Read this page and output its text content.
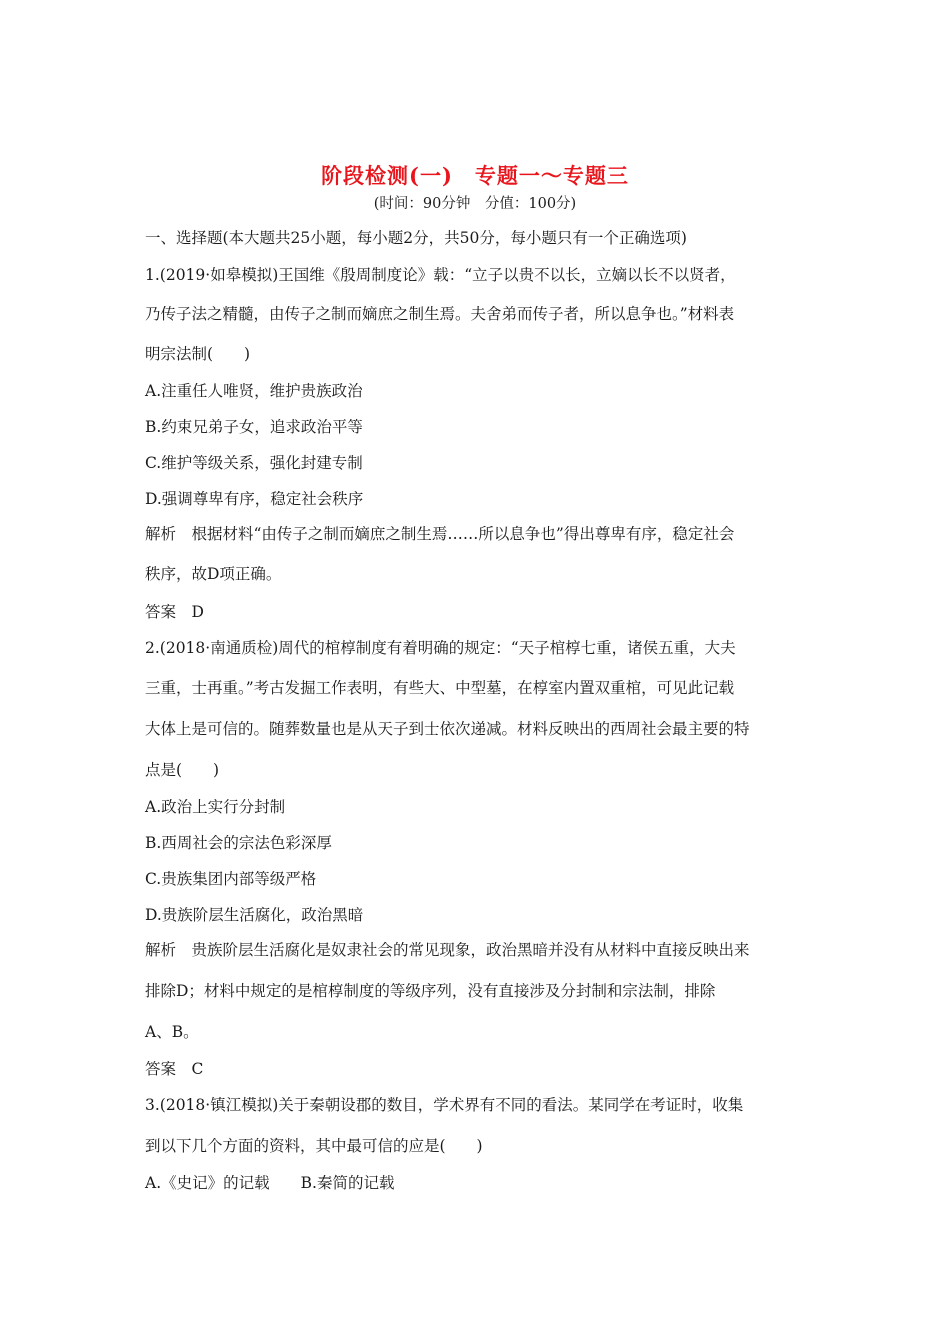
阶段检测(一)　专题一～专题三
(时间：90分钟　分值：100分)
一、选择题(本大题共25小题，每小题2分，共50分，每小题只有一个正确选项)
1.(2019·如皋模拟)王国维《殷周制度论》载：“立子以贵不以长，立嫡以长不以贤者，
乃传子法之精髓，由传子之制而嫡庶之制生焉。夫舍弟而传子者，所以息争也。”材料表
明宗法制(　　)
A.注重任人唯贤，维护贵族政治
B.约束兄弟子女，追求政治平等
C.维护等级关系，强化封建专制
D.强调尊卑有序，稳定社会秩序
解析　根据材料“由传子之制而嫡庶之制生焉……所以息争也”得出尊卑有序，稳定社会
秩序，故D项正确。
答案　D
2.(2018·南通质检)周代的棺椁制度有着明确的规定：“天子棺椁七重，诸侯五重，大夫
三重，士再重。”考古发掘工作表明，有些大、中型墓，在椁室内置双重棺，可见此记载
大体上是可信的。随葬数量也是从天子到士依次递减。材料反映出的西周社会最主要的特
点是(　　)
A.政治上实行分封制
B.西周社会的宗法色彩深厚
C.贵族集团内部等级严格
D.贵族阶层生活腐化，政治黑暗
解析　贵族阶层生活腐化是奴隶社会的常见现象，政治黑暗并没有从材料中直接反映出来
排除D；材料中规定的是棺椁制度的等级序列，没有直接涉及分封制和宗法制，排除
A、B。
答案　C
3.(2018·镇江模拟)关于秦朝设郡的数目，学术界有不同的看法。某同学在考证时，收集
到以下几个方面的资料，其中最可信的应是(　　)
A.《史记》的记载　　B.秦简的记载
